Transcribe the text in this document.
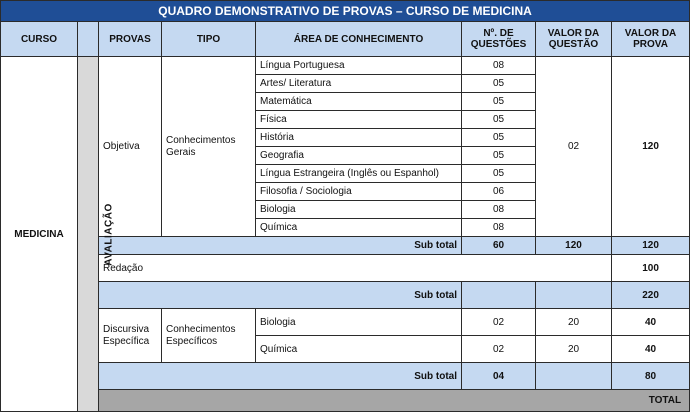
QUADRO DEMONSTRATIVO DE PROVAS – CURSO DE MEDICINA								
CURSO		PROVAS	TIPO	ÁREA DE CONHECIMENTO	Nº. DE QUESTÕES	VALOR DA QUESTÃO	VALOR DA PROVA	
MEDICINA	AVALIAÇÃO	Objetiva	Conhecimentos Gerais	Língua Portuguesa	08	02	120	
				Artes/ Literatura	05			
				Matemática	05			
				Física	05			
				História	05			
				Geografia	05			
				Língua Estrangeira (Inglês ou Espanhol)	05			
				Filosofia / Sociologia	06			
				Biologia	08			
				Química	08			
		Sub total			60	120	120	
		Redação					100	
		Sub total					220	
		Discursiva Específica	Conhecimentos Específicos	Biologia	02	20	40	
				Química	02	20	40	
		Sub total			04		80	
		TOTAL	
